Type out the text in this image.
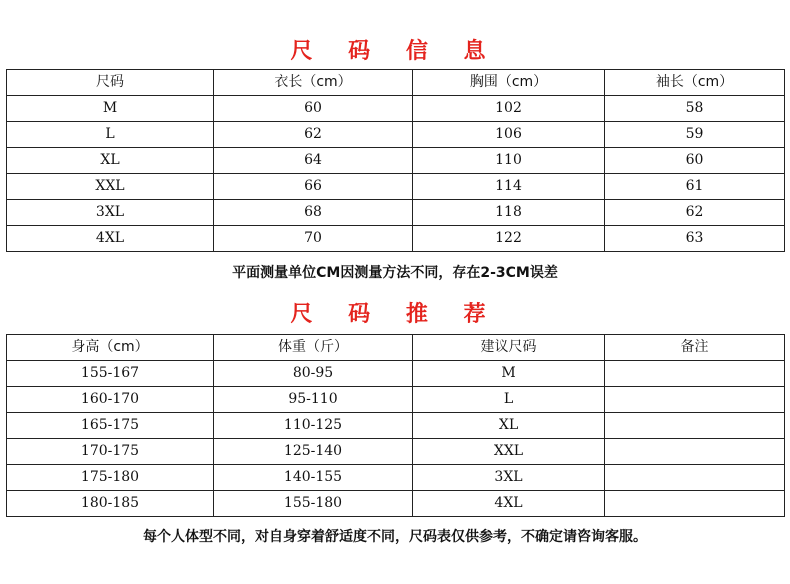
尺 码 信 息
尺码	衣长（cm）	胸围（cm）	袖长（cm）
M	60	102	58
L	62	106	59
XL	64	110	60
XXL	66	114	61
3XL	68	118	62
4XL	70	122	63
平面测量单位CM因测量方法不同，存在2-3CM误差
尺 码 推 荐
身高（cm）	体重（斤）	建议尺码	备注
155-167	80-95	M	
160-170	95-110	L	
165-175	110-125	XL	
170-175	125-140	XXL	
175-180	140-155	3XL	
180-185	155-180	4XL	
每个人体型不同，对自身穿着舒适度不同，尺码表仅供参考，不确定请咨询客服。
